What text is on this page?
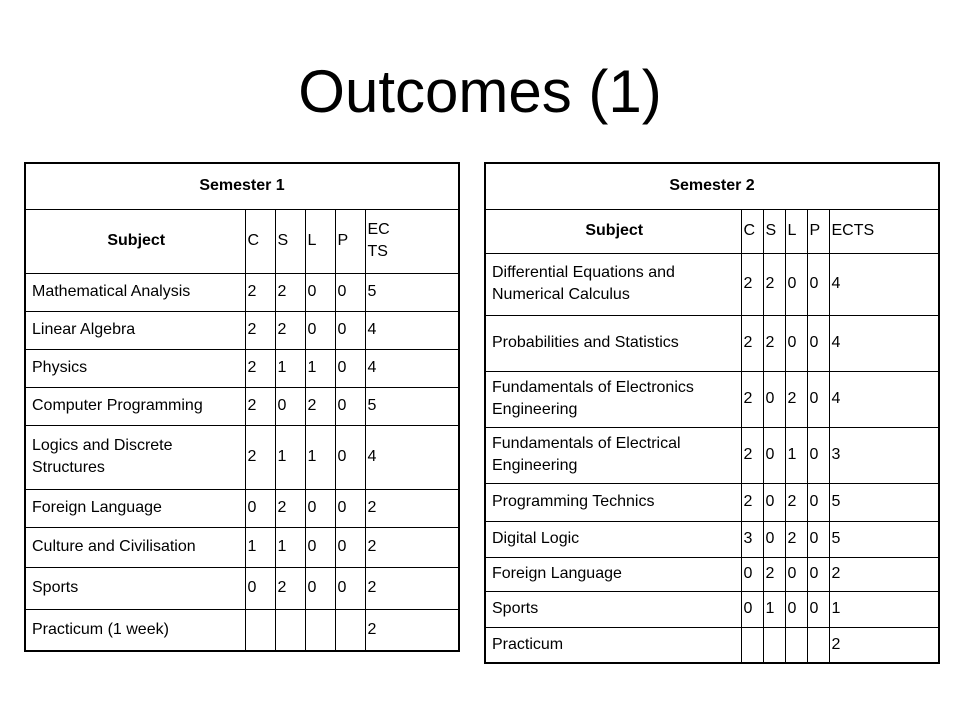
Outcomes (1)
Semester 1					
Subject	C	S	L	P	EC TS

Mathematical Analysis	2	2	0	0	5
Linear Algebra	2	2	0	0	4
Physics	2	1	1	0	4
Computer Programming	2	0	2	0	5
Logics and Discrete Structures	2	1	1	0	4
Foreign Language	0	2	0	0	2
Culture and Civilisation	1	1	0	0	2
Sports	0	2	0	0	2
Practicum (1 week)					2
Semester 2					
Subject	C	S	L	P	ECTS
Differential Equations and Numerical Calculus	2	2	0	0	4
Probabilities and Statistics	2	2	0	0	4
Fundamentals of Electronics Engineering	2	0	2	0	4
Fundamentals of Electrical Engineering	2	0	1	0	3
Programming Technics	2	0	2	0	5
Digital Logic	3	0	2	0	5
Foreign Language	0	2	0	0	2
Sports	0	1	0	0	1
Practicum					2
